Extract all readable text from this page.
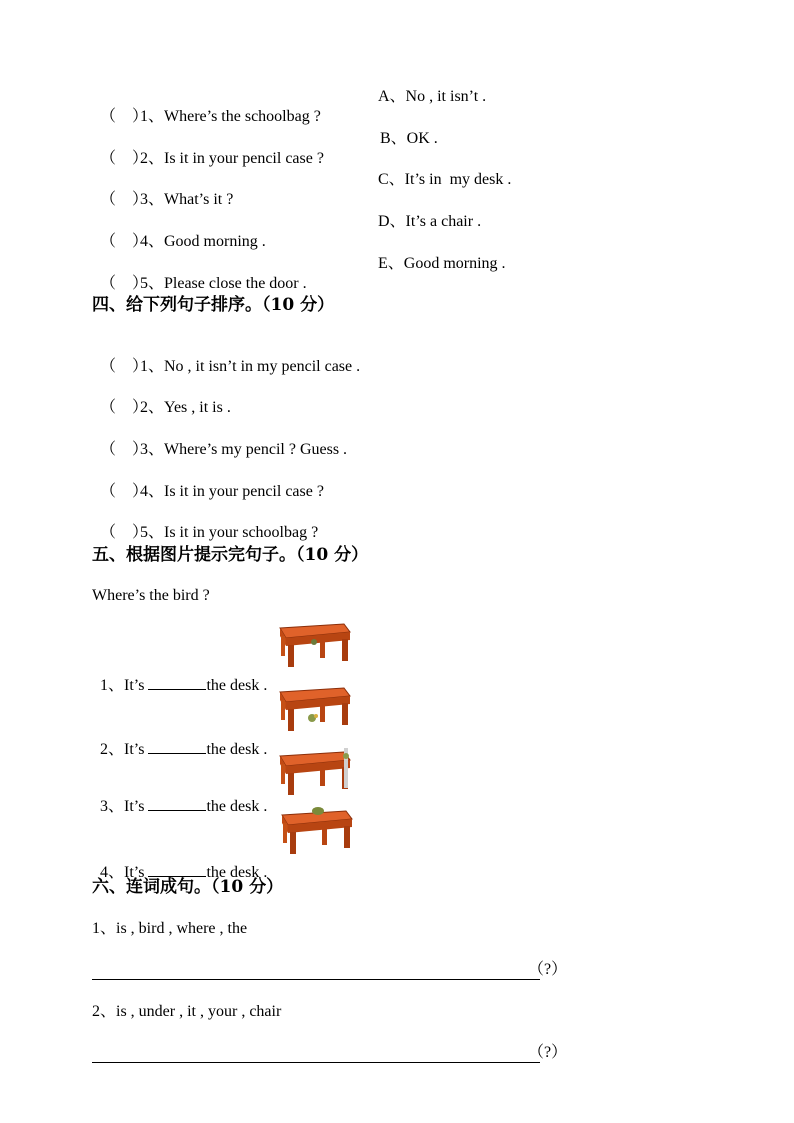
（    ）1、Where’s the schoolbag ?

A、No , it isn’t .

（    ）2、Is it in your pencil case ?

B、OK .

（    ）3、What’s it ?

C、It’s in  my desk .

（    ）4、Good morning .

D、It’s a chair .

（    ）5、Please close the door .

E、Good morning .
四、给下列句子排序。（10 分）

（    ）1、No , it isn’t in my pencil case .

（    ）2、Yes , it is .

（    ）3、Where’s my pencil ? Guess .

（    ）4、Is it in your pencil case ?

（    ）5、Is it in your schoolbag ?

五、根据图片提示完句子。（10 分）
Where’s the bird ?

1、It’s	the desk .

2、It’s	the desk .

3、It’s	the desk .

4、It’s	the desk .

六、连词成句。（10 分）
1、is , bird , where , the
（?）
2、is , under , it , your , chair
（?）
